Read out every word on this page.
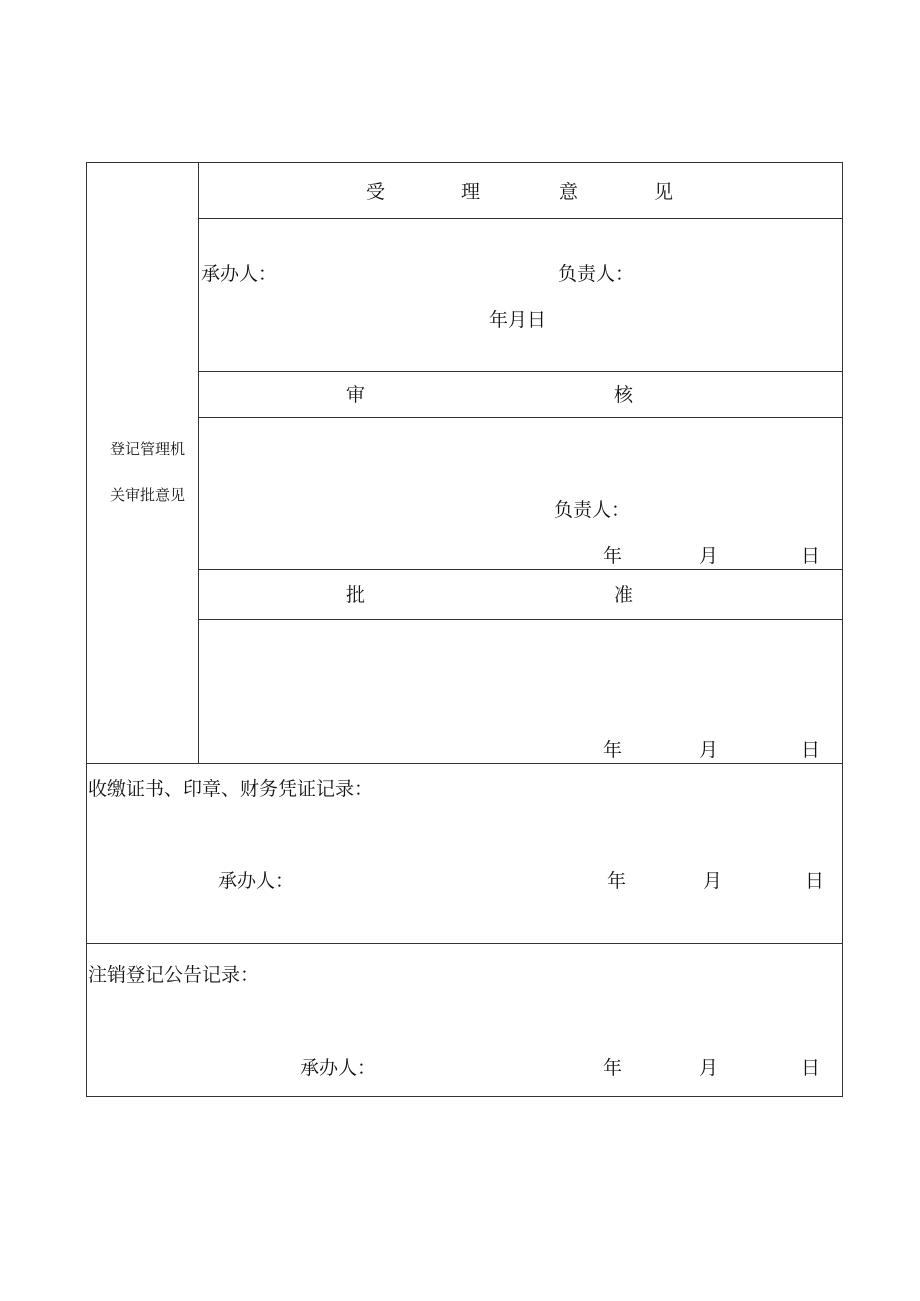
登记管理机
关审批意见
受	理	意	见
承办人：	负责人：
年月日
审	核
负责人：
年	月	日
批	准
年	月	日
收缴证书、印章、财务凭证记录：
承办人：	年	月	日
注销登记公告记录：
承办人：	年	月	日
